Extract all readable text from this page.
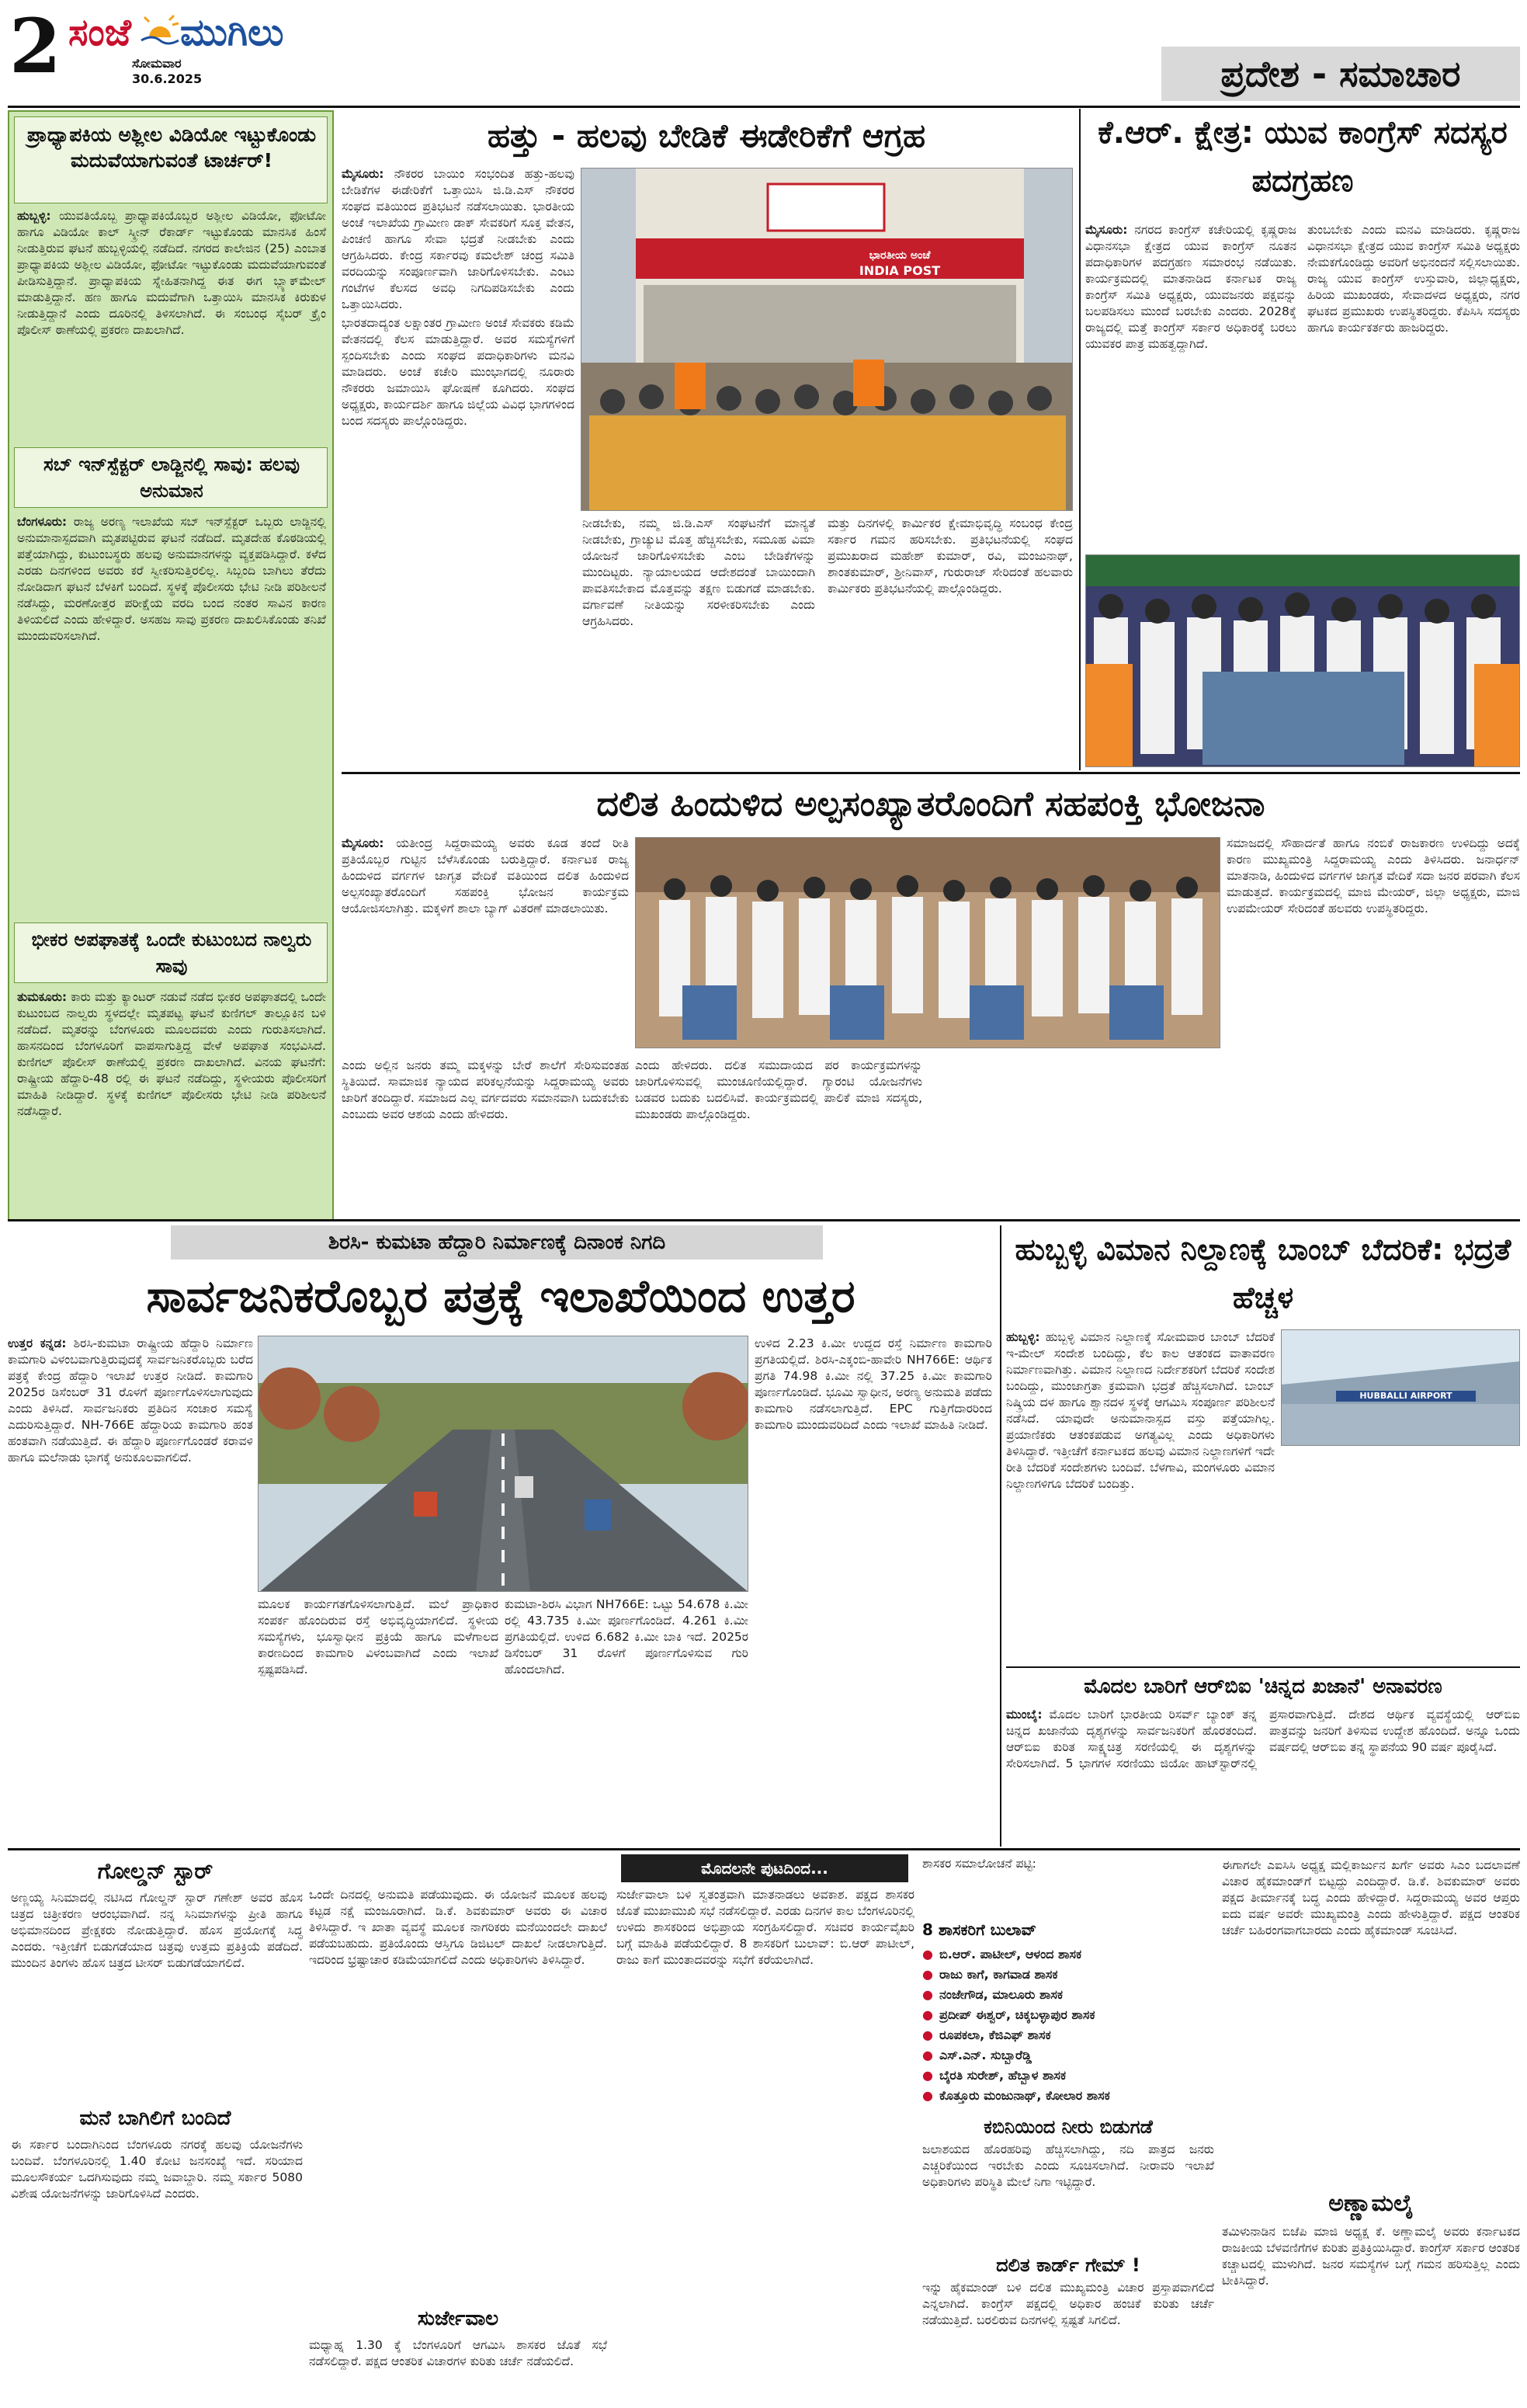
2 ಸಂಜೆ ಮುಗಿಲು
ಸೋಮವಾರ
30.6.2025	ಪ್ರದೇಶ - ಸಮಾಚಾರ
ಪ್ರಾಧ್ಯಾಪಕಿಯ ಅಶ್ಲೀಲ ವಿಡಿಯೋ ಇಟ್ಟುಕೊಂಡು ಮದುವೆಯಾಗುವಂತೆ ಟಾರ್ಚರ್!

ಹುಬ್ಬಳ್ಳಿ: ಯುವತಿಯೊಬ್ಬ ಪ್ರಾಧ್ಯಾಪಕಿಯೊಬ್ಬರ ಅಶ್ಲೀಲ ವಿಡಿಯೋ, ಫೋಟೋ ಹಾಗೂ ವಿಡಿಯೋ ಕಾಲ್ ಸ್ಕ್ರೀನ್ ರೆಕಾರ್ಡ್ ಇಟ್ಟುಕೊಂಡು ಮಾನಸಿಕ ಹಿಂಸೆ ನೀಡುತ್ತಿರುವ ಘಟನೆ ಹುಬ್ಬಳ್ಳಿಯಲ್ಲಿ ನಡೆದಿದೆ. ನಗರದ ಕಾಲೇಜಿನ (25) ಎಂಬಾತ ಪ್ರಾಧ್ಯಾಪಕಿಯ ಅಶ್ಲೀಲ ವಿಡಿಯೋ, ಫೋಟೋ ಇಟ್ಟುಕೊಂಡು ಮದುವೆಯಾಗುವಂತೆ ಪೀಡಿಸುತ್ತಿದ್ದಾನೆ. ಪ್ರಾಧ್ಯಾಪಕಿಯ ಸ್ನೇಹಿತನಾಗಿದ್ದ ಈತ ಈಗ ಬ್ಲ್ಯಾಕ್‌ಮೇಲ್ ಮಾಡುತ್ತಿದ್ದಾನೆ. ಹಣ ಹಾಗೂ ಮದುವೆಗಾಗಿ ಒತ್ತಾಯಿಸಿ ಮಾನಸಿಕ ಕಿರುಕುಳ ನೀಡುತ್ತಿದ್ದಾನೆ ಎಂದು ದೂರಿನಲ್ಲಿ ತಿಳಿಸಲಾಗಿದೆ. ಈ ಸಂಬಂಧ ಸೈಬರ್ ಕ್ರೈಂ ಪೊಲೀಸ್ ಠಾಣೆಯಲ್ಲಿ ಪ್ರಕರಣ ದಾಖಲಾಗಿದೆ.

ಸಬ್ ಇನ್‌ಸ್ಪೆಕ್ಟರ್ ಲಾಡ್ಜಿನಲ್ಲಿ ಸಾವು: ಹಲವು ಅನುಮಾನ

ಬೆಂಗಳೂರು: ರಾಜ್ಯ ಅರಣ್ಯ ಇಲಾಖೆಯ ಸಬ್ ಇನ್‌ಸ್ಪೆಕ್ಟರ್ ಒಬ್ಬರು ಲಾಡ್ಜಿನಲ್ಲಿ ಅನುಮಾನಾಸ್ಪದವಾಗಿ ಮೃತಪಟ್ಟಿರುವ ಘಟನೆ ನಡೆದಿದೆ. ಮೃತದೇಹ ಕೊಠಡಿಯಲ್ಲಿ ಪತ್ತೆಯಾಗಿದ್ದು, ಕುಟುಂಬಸ್ಥರು ಹಲವು ಅನುಮಾನಗಳನ್ನು ವ್ಯಕ್ತಪಡಿಸಿದ್ದಾರೆ. ಕಳೆದ ಎರಡು ದಿನಗಳಿಂದ ಅವರು ಕರೆ ಸ್ವೀಕರಿಸುತ್ತಿರಲಿಲ್ಲ. ಸಿಬ್ಬಂದಿ ಬಾಗಿಲು ತೆರೆದು ನೋಡಿದಾಗ ಘಟನೆ ಬೆಳಕಿಗೆ ಬಂದಿದೆ. ಸ್ಥಳಕ್ಕೆ ಪೊಲೀಸರು ಭೇಟಿ ನೀಡಿ ಪರಿಶೀಲನೆ ನಡೆಸಿದ್ದು, ಮರಣೋತ್ತರ ಪರೀಕ್ಷೆಯ ವರದಿ ಬಂದ ನಂತರ ಸಾವಿನ ಕಾರಣ ತಿಳಿಯಲಿದೆ ಎಂದು ಹೇಳಿದ್ದಾರೆ. ಅಸಹಜ ಸಾವು ಪ್ರಕರಣ ದಾಖಲಿಸಿಕೊಂಡು ತನಿಖೆ ಮುಂದುವರಿಸಲಾಗಿದೆ.

ಭೀಕರ ಅಪಘಾತಕ್ಕೆ ಒಂದೇ ಕುಟುಂಬದ ನಾಲ್ವರು ಸಾವು

ತುಮಕೂರು: ಕಾರು ಮತ್ತು ಕ್ಯಾಂಟರ್ ನಡುವೆ ನಡೆದ ಭೀಕರ ಅಪಘಾತದಲ್ಲಿ ಒಂದೇ ಕುಟುಂಬದ ನಾಲ್ವರು ಸ್ಥಳದಲ್ಲೇ ಮೃತಪಟ್ಟ ಘಟನೆ ಕುಣಿಗಲ್ ತಾಲ್ಲೂಕಿನ ಬಳಿ ನಡೆದಿದೆ. ಮೃತರನ್ನು ಬೆಂಗಳೂರು ಮೂಲದವರು ಎಂದು ಗುರುತಿಸಲಾಗಿದೆ. ಹಾಸನದಿಂದ ಬೆಂಗಳೂರಿಗೆ ವಾಪಸಾಗುತ್ತಿದ್ದ ವೇಳೆ ಅಪಘಾತ ಸಂಭವಿಸಿದೆ. ಕುಣಿಗಲ್ ಪೊಲೀಸ್ ಠಾಣೆಯಲ್ಲಿ ಪ್ರಕರಣ ದಾಖಲಾಗಿದೆ. ವಿನಯ ಘಟನೆಗೆ: ರಾಷ್ಟ್ರೀಯ ಹೆದ್ದಾರಿ-48 ರಲ್ಲಿ ಈ ಘಟನೆ ನಡೆದಿದ್ದು, ಸ್ಥಳೀಯರು ಪೊಲೀಸರಿಗೆ ಮಾಹಿತಿ ನೀಡಿದ್ದಾರೆ. ಸ್ಥಳಕ್ಕೆ ಕುಣಿಗಲ್ ಪೊಲೀಸರು ಭೇಟಿ ನೀಡಿ ಪರಿಶೀಲನೆ ನಡೆಸಿದ್ದಾರೆ.

ಹತ್ತು - ಹಲವು ಬೇಡಿಕೆ ಈಡೇರಿಕೆಗೆ ಆಗ್ರಹ

ಮೈಸೂರು: ನೌಕರರ ಬಾಯಿಂ ಸಂಭಂದಿತ ಹತ್ತು-ಹಲವು ಬೇಡಿಕೆಗಳ ಈಡೇರಿಕೆಗೆ ಒತ್ತಾಯಿಸಿ ಜಿ.ಡಿ.ಎಸ್ ನೌಕರರ ಸಂಘದ ವತಿಯಿಂದ ಪ್ರತಿಭಟನೆ ನಡೆಸಲಾಯಿತು. ಭಾರತೀಯ ಅಂಚೆ ಇಲಾಖೆಯ ಗ್ರಾಮೀಣ ಡಾಕ್ ಸೇವಕರಿಗೆ ಸೂಕ್ತ ವೇತನ, ಪಿಂಚಣಿ ಹಾಗೂ ಸೇವಾ ಭದ್ರತೆ ನೀಡಬೇಕು ಎಂದು ಆಗ್ರಹಿಸಿದರು. ಕೇಂದ್ರ ಸರ್ಕಾರವು ಕಮಲೇಶ್ ಚಂದ್ರ ಸಮಿತಿ ವರದಿಯನ್ನು ಸಂಪೂರ್ಣವಾಗಿ ಜಾರಿಗೊಳಿಸಬೇಕು. ಎಂಟು ಗಂಟೆಗಳ ಕೆಲಸದ ಅವಧಿ ನಿಗದಿಪಡಿಸಬೇಕು ಎಂದು ಒತ್ತಾಯಿಸಿದರು.

ಭಾರತದಾದ್ಯಂತ ಲಕ್ಷಾಂತರ ಗ್ರಾಮೀಣ ಅಂಚೆ ಸೇವಕರು ಕಡಿಮೆ ವೇತನದಲ್ಲಿ ಕೆಲಸ ಮಾಡುತ್ತಿದ್ದಾರೆ. ಅವರ ಸಮಸ್ಯೆಗಳಿಗೆ ಸ್ಪಂದಿಸಬೇಕು ಎಂದು ಸಂಘದ ಪದಾಧಿಕಾರಿಗಳು ಮನವಿ ಮಾಡಿದರು. ಅಂಚೆ ಕಚೇರಿ ಮುಂಭಾಗದಲ್ಲಿ ನೂರಾರು ನೌಕರರು ಜಮಾಯಿಸಿ ಘೋಷಣೆ ಕೂಗಿದರು. ಸಂಘದ ಅಧ್ಯಕ್ಷರು, ಕಾರ್ಯದರ್ಶಿ ಹಾಗೂ ಜಿಲ್ಲೆಯ ವಿವಿಧ ಭಾಗಗಳಿಂದ ಬಂದ ಸದಸ್ಯರು ಪಾಲ್ಗೊಂಡಿದ್ದರು.

ಭಾರತೀಯ ಅಂಚೆ
INDIA POST

ನೀಡಬೇಕು, ನಮ್ಮ ಜಿ.ಡಿ.ಎಸ್ ಸಂಘಟನೆಗೆ ಮಾನ್ಯತೆ ನೀಡಬೇಕು, ಗ್ರಾಚ್ಯುಟಿ ಮೊತ್ತ ಹೆಚ್ಚಿಸಬೇಕು, ಸಮೂಹ ವಿಮಾ ಯೋಜನೆ ಜಾರಿಗೊಳಿಸಬೇಕು ಎಂಬ ಬೇಡಿಕೆಗಳನ್ನು ಮುಂದಿಟ್ಟರು. ನ್ಯಾಯಾಲಯದ ಆದೇಶದಂತೆ ಬಾಯಿಂದಾಗಿ ಪಾವತಿಸಬೇಕಾದ ಮೊತ್ತವನ್ನು ತಕ್ಷಣ ಬಿಡುಗಡೆ ಮಾಡಬೇಕು. ವರ್ಗಾವಣೆ ನೀತಿಯನ್ನು ಸರಳೀಕರಿಸಬೇಕು ಎಂದು ಆಗ್ರಹಿಸಿದರು.

ಮತ್ತು ದಿನಗಳಲ್ಲಿ ಕಾರ್ಮಿಕರ ಕ್ಷೇಮಾಭಿವೃದ್ಧಿ ಸಂಬಂಧ ಕೇಂದ್ರ ಸರ್ಕಾರ ಗಮನ ಹರಿಸಬೇಕು. ಪ್ರತಿಭಟನೆಯಲ್ಲಿ ಸಂಘದ ಪ್ರಮುಖರಾದ ಮಹೇಶ್ ಕುಮಾರ್, ರವಿ, ಮಂಜುನಾಥ್, ಶಾಂತಕುಮಾರ್, ಶ್ರೀನಿವಾಸ್, ಗುರುರಾಜ್ ಸೇರಿದಂತೆ ಹಲವಾರು ಕಾರ್ಮಿಕರು ಪ್ರತಿಭಟನೆಯಲ್ಲಿ ಪಾಲ್ಗೊಂಡಿದ್ದರು.

ಕೆ.ಆರ್. ಕ್ಷೇತ್ರ: ಯುವ ಕಾಂಗ್ರೆಸ್ ಸದಸ್ಯರ ಪದಗ್ರಹಣ

ಮೈಸೂರು: ನಗರದ ಕಾಂಗ್ರೆಸ್ ಕಚೇರಿಯಲ್ಲಿ ಕೃಷ್ಣರಾಜ ವಿಧಾನಸಭಾ ಕ್ಷೇತ್ರದ ಯುವ ಕಾಂಗ್ರೆಸ್ ನೂತನ ಪದಾಧಿಕಾರಿಗಳ ಪದಗ್ರಹಣ ಸಮಾರಂಭ ನಡೆಯಿತು. ಕಾರ್ಯಕ್ರಮದಲ್ಲಿ ಮಾತನಾಡಿದ ಕರ್ನಾಟಕ ರಾಜ್ಯ ಕಾಂಗ್ರೆಸ್ ಸಮಿತಿ ಅಧ್ಯಕ್ಷರು, ಯುವಜನರು ಪಕ್ಷವನ್ನು ಬಲಪಡಿಸಲು ಮುಂದೆ ಬರಬೇಕು ಎಂದರು. 2028ಕ್ಕೆ ರಾಜ್ಯದಲ್ಲಿ ಮತ್ತೆ ಕಾಂಗ್ರೆಸ್ ಸರ್ಕಾರ ಅಧಿಕಾರಕ್ಕೆ ಬರಲು ಯುವಕರ ಪಾತ್ರ ಮಹತ್ವದ್ದಾಗಿದೆ.

ತುಂಬಬೇಕು ಎಂದು ಮನವಿ ಮಾಡಿದರು. ಕೃಷ್ಣರಾಜ ವಿಧಾನಸಭಾ ಕ್ಷೇತ್ರದ ಯುವ ಕಾಂಗ್ರೆಸ್ ಸಮಿತಿ ಅಧ್ಯಕ್ಷರು ನೇಮಕಗೊಂಡಿದ್ದು ಅವರಿಗೆ ಅಭಿನಂದನೆ ಸಲ್ಲಿಸಲಾಯಿತು. ರಾಜ್ಯ ಯುವ ಕಾಂಗ್ರೆಸ್ ಉಸ್ತುವಾರಿ, ಜಿಲ್ಲಾಧ್ಯಕ್ಷರು, ಹಿರಿಯ ಮುಖಂಡರು, ಸೇವಾದಳದ ಅಧ್ಯಕ್ಷರು, ನಗರ ಘಟಕದ ಪ್ರಮುಖರು ಉಪಸ್ಥಿತರಿದ್ದರು. ಕೆಪಿಸಿಸಿ ಸದಸ್ಯರು ಹಾಗೂ ಕಾರ್ಯಕರ್ತರು ಹಾಜರಿದ್ದರು.

ದಲಿತ ಹಿಂದುಳಿದ ಅಲ್ಪಸಂಖ್ಯಾತರೊಂದಿಗೆ ಸಹಪಂಕ್ತಿ ಭೋಜನಾ

ಮೈಸೂರು: ಯತೀಂದ್ರ ಸಿದ್ದರಾಮಯ್ಯ ಅವರು ಕೂಡ ತಂದೆ ರೀತಿ ಪ್ರತಿಯೊಬ್ಬರ ಗುಟ್ಟಿನ ಬೆಳೆಸಿಕೊಂಡು ಬರುತ್ತಿದ್ದಾರೆ. ಕರ್ನಾಟಕ ರಾಜ್ಯ ಹಿಂದುಳಿದ ವರ್ಗಗಳ ಜಾಗೃತ ವೇದಿಕೆ ವತಿಯಿಂದ ದಲಿತ ಹಿಂದುಳಿದ ಅಲ್ಪಸಂಖ್ಯಾತರೊಂದಿಗೆ ಸಹಪಂಕ್ತಿ ಭೋಜನ ಕಾರ್ಯಕ್ರಮ ಆಯೋಜಿಸಲಾಗಿತ್ತು. ಮಕ್ಕಳಿಗೆ ಶಾಲಾ ಬ್ಯಾಗ್ ವಿತರಣೆ ಮಾಡಲಾಯಿತು.

ಸಮಾಜದಲ್ಲಿ ಸೌಹಾರ್ದತೆ ಹಾಗೂ ನಂಬಿಕೆ ರಾಜಕಾರಣ ಉಳಿದಿದ್ದು ಅದಕ್ಕೆ ಕಾರಣ ಮುಖ್ಯಮಂತ್ರಿ ಸಿದ್ದರಾಮಯ್ಯ ಎಂದು ತಿಳಿಸಿದರು. ಜನಾರ್ಧನ್ ಮಾತನಾಡಿ, ಹಿಂದುಳಿದ ವರ್ಗಗಳ ಜಾಗೃತ ವೇದಿಕೆ ಸದಾ ಜನರ ಪರವಾಗಿ ಕೆಲಸ ಮಾಡುತ್ತದೆ. ಕಾರ್ಯಕ್ರಮದಲ್ಲಿ ಮಾಜಿ ಮೇಯರ್, ಜಿಲ್ಲಾ ಅಧ್ಯಕ್ಷರು, ಮಾಜಿ ಉಪಮೇಯರ್ ಸೇರಿದಂತೆ ಹಲವರು ಉಪಸ್ಥಿತರಿದ್ದರು.

ಎಂದು ಅಲ್ಲಿನ ಜನರು ತಮ್ಮ ಮಕ್ಕಳನ್ನು ಬೇರೆ ಶಾಲೆಗೆ ಸೇರಿಸುವಂತಹ ಸ್ಥಿತಿಯಿದೆ. ಸಾಮಾಜಿಕ ನ್ಯಾಯದ ಪರಿಕಲ್ಪನೆಯನ್ನು ಸಿದ್ದರಾಮಯ್ಯ ಅವರು ಜಾರಿಗೆ ತಂದಿದ್ದಾರೆ. ಸಮಾಜದ ಎಲ್ಲ ವರ್ಗದವರು ಸಮಾನವಾಗಿ ಬದುಕಬೇಕು ಎಂಬುದು ಅವರ ಆಶಯ ಎಂದು ಹೇಳಿದರು.

ಎಂದು ಹೇಳಿದರು. ದಲಿತ ಸಮುದಾಯದ ಪರ ಕಾರ್ಯಕ್ರಮಗಳನ್ನು ಜಾರಿಗೊಳಿಸುವಲ್ಲಿ ಮುಂಚೂಣಿಯಲ್ಲಿದ್ದಾರೆ. ಗ್ಯಾರಂಟಿ ಯೋಜನೆಗಳು ಬಡವರ ಬದುಕು ಬದಲಿಸಿವೆ. ಕಾರ್ಯಕ್ರಮದಲ್ಲಿ ಪಾಲಿಕೆ ಮಾಜಿ ಸದಸ್ಯರು, ಮುಖಂಡರು ಪಾಲ್ಗೊಂಡಿದ್ದರು.

ಶಿರಸಿ- ಕುಮಟಾ ಹೆದ್ದಾರಿ ನಿರ್ಮಾಣಕ್ಕೆ ದಿನಾಂಕ ನಿಗದಿ
ಸಾರ್ವಜನಿಕರೊಬ್ಬರ ಪತ್ರಕ್ಕೆ ಇಲಾಖೆಯಿಂದ ಉತ್ತರ

ಉತ್ತರ ಕನ್ನಡ: ಶಿರಸಿ-ಕುಮಟಾ ರಾಷ್ಟ್ರೀಯ ಹೆದ್ದಾರಿ ನಿರ್ಮಾಣ ಕಾಮಗಾರಿ ವಿಳಂಬವಾಗುತ್ತಿರುವುದಕ್ಕೆ ಸಾರ್ವಜನಿಕರೊಬ್ಬರು ಬರೆದ ಪತ್ರಕ್ಕೆ ಕೇಂದ್ರ ಹೆದ್ದಾರಿ ಇಲಾಖೆ ಉತ್ತರ ನೀಡಿದೆ. ಕಾಮಗಾರಿ 2025ರ ಡಿಸೆಂಬರ್ 31 ರೊಳಗೆ ಪೂರ್ಣಗೊಳಿಸಲಾಗುವುದು ಎಂದು ತಿಳಿಸಿದೆ. ಸಾರ್ವಜನಿಕರು ಪ್ರತಿದಿನ ಸಂಚಾರ ಸಮಸ್ಯೆ ಎದುರಿಸುತ್ತಿದ್ದಾರೆ. NH-766E ಹೆದ್ದಾರಿಯ ಕಾಮಗಾರಿ ಹಂತ ಹಂತವಾಗಿ ನಡೆಯುತ್ತಿದೆ. ಈ ಹೆದ್ದಾರಿ ಪೂರ್ಣಗೊಂಡರೆ ಕರಾವಳಿ ಹಾಗೂ ಮಲೆನಾಡು ಭಾಗಕ್ಕೆ ಅನುಕೂಲವಾಗಲಿದೆ.

ಮೂಲಕ ಕಾರ್ಯಗತಗೊಳಿಸಲಾಗುತ್ತಿದೆ. ಮಲೆ ಪ್ರಾಧಿಕಾರ ಸಂಪರ್ಕ ಹೊಂದಿರುವ ರಸ್ತೆ ಅಭಿವೃದ್ಧಿಯಾಗಲಿದೆ. ಸ್ಥಳೀಯ ಸಮಸ್ಯೆಗಳು, ಭೂಸ್ವಾಧೀನ ಪ್ರಕ್ರಿಯೆ ಹಾಗೂ ಮಳೆಗಾಲದ ಕಾರಣದಿಂದ ಕಾಮಗಾರಿ ವಿಳಂಬವಾಗಿದೆ ಎಂದು ಇಲಾಖೆ ಸ್ಪಷ್ಟಪಡಿಸಿದೆ.

ಕುಮಟಾ-ಶಿರಸಿ ವಿಭಾಗ NH766E: ಒಟ್ಟು 54.678 ಕಿ.ಮೀ ರಲ್ಲಿ 43.735 ಕಿ.ಮೀ ಪೂರ್ಣಗೊಂಡಿದೆ. 4.261 ಕಿ.ಮೀ ಪ್ರಗತಿಯಲ್ಲಿದೆ. ಉಳಿದ 6.682 ಕಿ.ಮೀ ಬಾಕಿ ಇದೆ. 2025ರ ಡಿಸೆಂಬರ್ 31 ರೊಳಗೆ ಪೂರ್ಣಗೊಳಿಸುವ ಗುರಿ ಹೊಂದಲಾಗಿದೆ.

ಉಳಿದ 2.23 ಕಿ.ಮೀ ಉದ್ದದ ರಸ್ತೆ ನಿರ್ಮಾಣ ಕಾಮಗಾರಿ ಪ್ರಗತಿಯಲ್ಲಿದೆ. ಶಿರಸಿ-ಎಕ್ಕಂಬಿ-ಹಾವೇರಿ NH766E: ಆರ್ಥಿಕ ಪ್ರಗತಿ 74.98 ಕಿ.ಮೀ ನಲ್ಲಿ 37.25 ಕಿ.ಮೀ ಕಾಮಗಾರಿ ಪೂರ್ಣಗೊಂಡಿದೆ. ಭೂಮಿ ಸ್ವಾಧೀನ, ಅರಣ್ಯ ಅನುಮತಿ ಪಡೆದು ಕಾಮಗಾರಿ ನಡೆಸಲಾಗುತ್ತಿದೆ. EPC ಗುತ್ತಿಗೆದಾರರಿಂದ ಕಾಮಗಾರಿ ಮುಂದುವರಿದಿದೆ ಎಂದು ಇಲಾಖೆ ಮಾಹಿತಿ ನೀಡಿದೆ.

ಹುಬ್ಬಳ್ಳಿ ವಿಮಾನ ನಿಲ್ದಾಣಕ್ಕೆ ಬಾಂಬ್ ಬೆದರಿಕೆ: ಭದ್ರತೆ ಹೆಚ್ಚಳ

ಹುಬ್ಬಳ್ಳಿ: ಹುಬ್ಬಳ್ಳಿ ವಿಮಾನ ನಿಲ್ದಾಣಕ್ಕೆ ಸೋಮವಾರ ಬಾಂಬ್ ಬೆದರಿಕೆ ಇ-ಮೇಲ್ ಸಂದೇಶ ಬಂದಿದ್ದು, ಕೆಲ ಕಾಲ ಆತಂಕದ ವಾತಾವರಣ ನಿರ್ಮಾಣವಾಗಿತ್ತು. ವಿಮಾನ ನಿಲ್ದಾಣದ ನಿರ್ದೇಶಕರಿಗೆ ಬೆದರಿಕೆ ಸಂದೇಶ ಬಂದಿದ್ದು, ಮುಂಜಾಗ್ರತಾ ಕ್ರಮವಾಗಿ ಭದ್ರತೆ ಹೆಚ್ಚಿಸಲಾಗಿದೆ. ಬಾಂಬ್ ನಿಷ್ಕ್ರಿಯ ದಳ ಹಾಗೂ ಶ್ವಾನದಳ ಸ್ಥಳಕ್ಕೆ ಆಗಮಿಸಿ ಸಂಪೂರ್ಣ ಪರಿಶೀಲನೆ ನಡೆಸಿದೆ. ಯಾವುದೇ ಅನುಮಾನಾಸ್ಪದ ವಸ್ತು ಪತ್ತೆಯಾಗಿಲ್ಲ. ಪ್ರಯಾಣಿಕರು ಆತಂಕಪಡುವ ಅಗತ್ಯವಿಲ್ಲ ಎಂದು ಅಧಿಕಾರಿಗಳು ತಿಳಿಸಿದ್ದಾರೆ. ಇತ್ತೀಚೆಗೆ ಕರ್ನಾಟಕದ ಹಲವು ವಿಮಾನ ನಿಲ್ದಾಣಗಳಿಗೆ ಇದೇ ರೀತಿ ಬೆದರಿಕೆ ಸಂದೇಶಗಳು ಬಂದಿವೆ. ಬೆಳಗಾವಿ, ಮಂಗಳೂರು ವಿಮಾನ ನಿಲ್ದಾಣಗಳಿಗೂ ಬೆದರಿಕೆ ಬಂದಿತ್ತು.

HUBBALLI AIRPORT
ಮೊದಲ ಬಾರಿಗೆ ಆರ್‌ಬಿಐ 'ಚಿನ್ನದ ಖಜಾನೆ' ಅನಾವರಣ

ಮುಂಬೈ: ಮೊದಲ ಬಾರಿಗೆ ಭಾರತೀಯ ರಿಸರ್ವ್ ಬ್ಯಾಂಕ್ ತನ್ನ ಚಿನ್ನದ ಖಜಾನೆಯ ದೃಶ್ಯಗಳನ್ನು ಸಾರ್ವಜನಿಕರಿಗೆ ಹೊರತಂದಿದೆ. ಆರ್‌ಬಿಐ ಕುರಿತ ಸಾಕ್ಷ್ಯಚಿತ್ರ ಸರಣಿಯಲ್ಲಿ ಈ ದೃಶ್ಯಗಳನ್ನು ಸೇರಿಸಲಾಗಿದೆ. 5 ಭಾಗಗಳ ಸರಣಿಯು ಜಿಯೋ ಹಾಟ್‌ಸ್ಟಾರ್‌ನಲ್ಲಿ ಪ್ರಸಾರವಾಗುತ್ತಿದೆ. ದೇಶದ ಆರ್ಥಿಕ ವ್ಯವಸ್ಥೆಯಲ್ಲಿ ಆರ್‌ಬಿಐ ಪಾತ್ರವನ್ನು ಜನರಿಗೆ ತಿಳಿಸುವ ಉದ್ದೇಶ ಹೊಂದಿದೆ. ಅನ್ನೂ ಒಂದು ವರ್ಷದಲ್ಲಿ ಆರ್‌ಬಿಐ ತನ್ನ ಸ್ಥಾಪನೆಯ 90 ವರ್ಷ ಪೂರೈಸಿದೆ.

ಗೋಲ್ಡನ್ ಸ್ಟಾರ್

ಅಣ್ಣಯ್ಯ ಸಿನಿಮಾದಲ್ಲಿ ನಟಿಸಿದ ಗೋಲ್ಡನ್ ಸ್ಟಾರ್ ಗಣೇಶ್ ಅವರ ಹೊಸ ಚಿತ್ರದ ಚಿತ್ರೀಕರಣ ಆರಂಭವಾಗಿದೆ. ನನ್ನ ಸಿನಿಮಾಗಳನ್ನು ಪ್ರೀತಿ ಹಾಗೂ ಅಭಿಮಾನದಿಂದ ಪ್ರೇಕ್ಷಕರು ನೋಡುತ್ತಿದ್ದಾರೆ. ಹೊಸ ಪ್ರಯೋಗಕ್ಕೆ ಸಿದ್ಧ ಎಂದರು. ಇತ್ತೀಚೆಗೆ ಬಿಡುಗಡೆಯಾದ ಚಿತ್ರವು ಉತ್ತಮ ಪ್ರತಿಕ್ರಿಯೆ ಪಡೆದಿದೆ. ಮುಂದಿನ ತಿಂಗಳು ಹೊಸ ಚಿತ್ರದ ಟೀಸರ್ ಬಿಡುಗಡೆಯಾಗಲಿದೆ.

ಮನೆ ಬಾಗಿಲಿಗೆ ಬಂದಿದೆ

ಈ ಸರ್ಕಾರ ಬಂದಾಗಿನಿಂದ ಬೆಂಗಳೂರು ನಗರಕ್ಕೆ ಹಲವು ಯೋಜನೆಗಳು ಬಂದಿವೆ. ಬೆಂಗಳೂರಿನಲ್ಲಿ 1.40 ಕೋಟಿ ಜನಸಂಖ್ಯೆ ಇದೆ. ಸರಿಯಾದ ಮೂಲಸೌಕರ್ಯ ಒದಗಿಸುವುದು ನಮ್ಮ ಜವಾಬ್ದಾರಿ. ನಮ್ಮ ಸರ್ಕಾರ 5080 ವಿಶೇಷ ಯೋಜನೆಗಳನ್ನು ಜಾರಿಗೊಳಿಸಿದೆ ಎಂದರು.

ಮೊದಲನೇ ಪುಟದಿಂದ...

ಒಂದೇ ದಿನದಲ್ಲಿ ಅನುಮತಿ ಪಡೆಯುವುದು. ಈ ಯೋಜನೆ ಮೂಲಕ ಹಲವು ಕಟ್ಟಡ ನಕ್ಷೆ ಮಂಜೂರಾಗಿದೆ. ಡಿ.ಕೆ. ಶಿವಕುಮಾರ್ ಅವರು ಈ ವಿಚಾರ ತಿಳಿಸಿದ್ದಾರೆ. ಇ ಖಾತಾ ವ್ಯವಸ್ಥೆ ಮೂಲಕ ನಾಗರಿಕರು ಮನೆಯಿಂದಲೇ ದಾಖಲೆ ಪಡೆಯಬಹುದು. ಪ್ರತಿಯೊಂದು ಆಸ್ತಿಗೂ ಡಿಜಿಟಲ್ ದಾಖಲೆ ನೀಡಲಾಗುತ್ತಿದೆ. ಇದರಿಂದ ಭ್ರಷ್ಟಾಚಾರ ಕಡಿಮೆಯಾಗಲಿದೆ ಎಂದು ಅಧಿಕಾರಿಗಳು ತಿಳಿಸಿದ್ದಾರೆ.

ಸುರ್ಜೇವಾಲ

ಮಧ್ಯಾಹ್ನ 1.30 ಕ್ಕೆ ಬೆಂಗಳೂರಿಗೆ ಆಗಮಿಸಿ ಶಾಸಕರ ಜೊತೆ ಸಭೆ ನಡೆಸಲಿದ್ದಾರೆ. ಪಕ್ಷದ ಆಂತರಿಕ ವಿಚಾರಗಳ ಕುರಿತು ಚರ್ಚೆ ನಡೆಯಲಿದೆ.

ಸುರ್ಜೇವಾಲಾ ಬಳಿ ಸ್ವತಂತ್ರವಾಗಿ ಮಾತನಾಡಲು ಅವಕಾಶ. ಪಕ್ಷದ ಶಾಸಕರ ಜೊತೆ ಮುಖಾಮುಖಿ ಸಭೆ ನಡೆಸಲಿದ್ದಾರೆ. ಎರಡು ದಿನಗಳ ಕಾಲ ಬೆಂಗಳೂರಿನಲ್ಲಿ ಉಳಿದು ಶಾಸಕರಿಂದ ಅಭಿಪ್ರಾಯ ಸಂಗ್ರಹಿಸಲಿದ್ದಾರೆ. ಸಚಿವರ ಕಾರ್ಯವೈಖರಿ ಬಗ್ಗೆ ಮಾಹಿತಿ ಪಡೆಯಲಿದ್ದಾರೆ. 8 ಶಾಸಕರಿಗೆ ಬುಲಾವ್: ಬಿ.ಆರ್ ಪಾಟೀಲ್, ರಾಜು ಕಾಗೆ ಮುಂತಾದವರನ್ನು ಸಭೆಗೆ ಕರೆಯಲಾಗಿದೆ.

ಶಾಸಕರ ಸಮಾಲೋಚನೆ ಪಟ್ಟಿ:
8 ಶಾಸಕರಿಗೆ ಬುಲಾವ್
● ಬಿ.ಆರ್. ಪಾಟೀಲ್, ಆಳಂದ ಶಾಸಕ
● ರಾಜು ಕಾಗೆ, ಕಾಗವಾಡ ಶಾಸಕ
● ನಂಜೇಗೌಡ, ಮಾಲೂರು ಶಾಸಕ
● ಪ್ರದೀಪ್ ಈಶ್ವರ್, ಚಿಕ್ಕಬಳ್ಳಾಪುರ ಶಾಸಕ
● ರೂಪಕಲಾ, ಕೆಜಿಎಫ್ ಶಾಸಕ
● ಎಸ್.ಎನ್. ಸುಬ್ಬಾರೆಡ್ಡಿ
● ಬೈರತಿ ಸುರೇಶ್, ಹೆಬ್ಬಾಳ ಶಾಸಕ
● ಕೊತ್ತೂರು ಮಂಜುನಾಥ್, ಕೋಲಾರ ಶಾಸಕ
ಕಬಿನಿಯಿಂದ ನೀರು ಬಿಡುಗಡೆ
ಜಲಾಶಯದ ಹೊರಹರಿವು ಹೆಚ್ಚಿಸಲಾಗಿದ್ದು, ನದಿ ಪಾತ್ರದ ಜನರು ಎಚ್ಚರಿಕೆಯಿಂದ ಇರಬೇಕು ಎಂದು ಸೂಚಿಸಲಾಗಿದೆ. ನೀರಾವರಿ ಇಲಾಖೆ ಅಧಿಕಾರಿಗಳು ಪರಿಸ್ಥಿತಿ ಮೇಲೆ ನಿಗಾ ಇಟ್ಟಿದ್ದಾರೆ.
ದಲಿತ ಕಾರ್ಡ್ ಗೇಮ್ !
ಇನ್ನು ಹೈಕಮಾಂಡ್ ಬಳಿ ದಲಿತ ಮುಖ್ಯಮಂತ್ರಿ ವಿಚಾರ ಪ್ರಸ್ತಾಪವಾಗಲಿದೆ ಎನ್ನಲಾಗಿದೆ. ಕಾಂಗ್ರೆಸ್ ಪಕ್ಷದಲ್ಲಿ ಅಧಿಕಾರ ಹಂಚಿಕೆ ಕುರಿತು ಚರ್ಚೆ ನಡೆಯುತ್ತಿದೆ. ಬರಲಿರುವ ದಿನಗಳಲ್ಲಿ ಸ್ಪಷ್ಟತೆ ಸಿಗಲಿದೆ.

ಈಗಾಗಲೇ ಎಐಸಿಸಿ ಅಧ್ಯಕ್ಷ ಮಲ್ಲಿಕಾರ್ಜುನ ಖರ್ಗೆ ಅವರು ಸಿಎಂ ಬದಲಾವಣೆ ವಿಚಾರ ಹೈಕಮಾಂಡ್‌ಗೆ ಬಿಟ್ಟದ್ದು ಎಂದಿದ್ದಾರೆ. ಡಿ.ಕೆ. ಶಿವಕುಮಾರ್ ಅವರು ಪಕ್ಷದ ತೀರ್ಮಾನಕ್ಕೆ ಬದ್ಧ ಎಂದು ಹೇಳಿದ್ದಾರೆ. ಸಿದ್ದರಾಮಯ್ಯ ಅವರ ಆಪ್ತರು ಐದು ವರ್ಷ ಅವರೇ ಮುಖ್ಯಮಂತ್ರಿ ಎಂದು ಹೇಳುತ್ತಿದ್ದಾರೆ. ಪಕ್ಷದ ಆಂತರಿಕ ಚರ್ಚೆ ಬಹಿರಂಗವಾಗಬಾರದು ಎಂದು ಹೈಕಮಾಂಡ್ ಸೂಚಿಸಿದೆ.

ಅಣ್ಣಾಮಲೈ

ತಮಿಳುನಾಡಿನ ಬಿಜೆಪಿ ಮಾಜಿ ಅಧ್ಯಕ್ಷ ಕೆ. ಅಣ್ಣಾಮಲೈ ಅವರು ಕರ್ನಾಟಕದ ರಾಜಕೀಯ ಬೆಳವಣಿಗೆಗಳ ಕುರಿತು ಪ್ರತಿಕ್ರಿಯಿಸಿದ್ದಾರೆ. ಕಾಂಗ್ರೆಸ್ ಸರ್ಕಾರ ಆಂತರಿಕ ಕಚ್ಚಾಟದಲ್ಲಿ ಮುಳುಗಿದೆ. ಜನರ ಸಮಸ್ಯೆಗಳ ಬಗ್ಗೆ ಗಮನ ಹರಿಸುತ್ತಿಲ್ಲ ಎಂದು ಟೀಕಿಸಿದ್ದಾರೆ.
